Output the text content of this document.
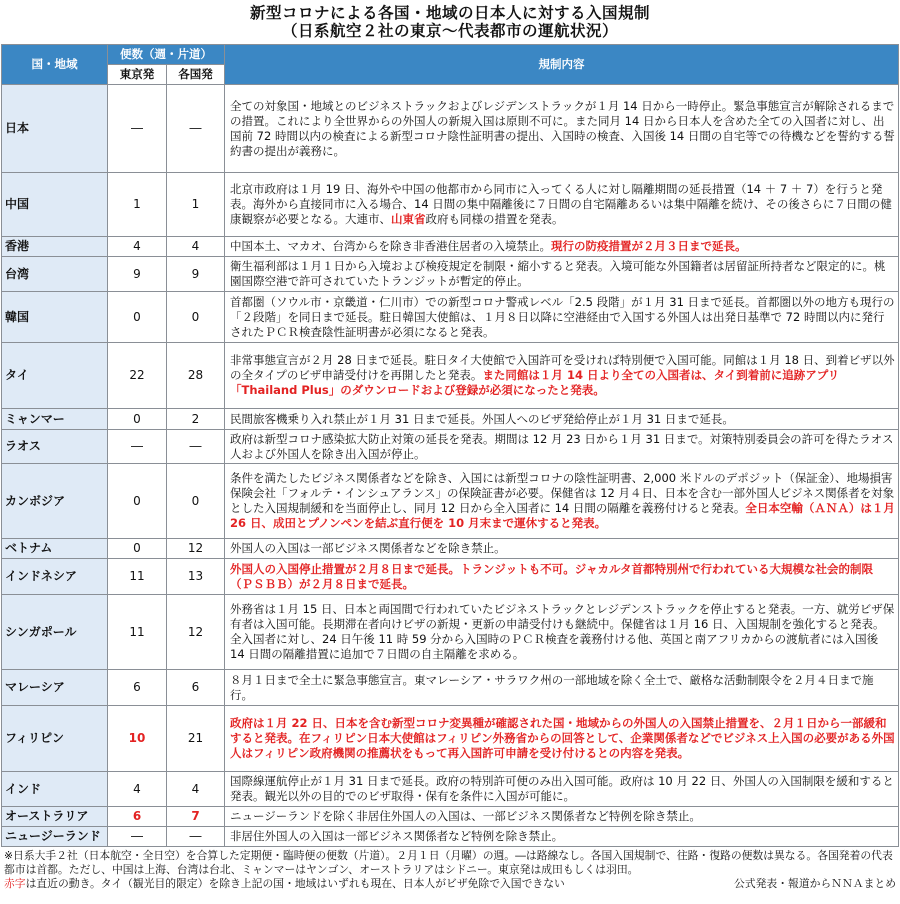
新型コロナによる各国・地域の日本人に対する入国規制
（日系航空２社の東京〜代表都市の運航状況）
国・地域	便数（週・片道）		規制内容
	東京発	各国発	
日本	―	―	全ての対象国・地域とのビジネストラックおよびレジデンストラックが１月 14 日から一時停止。緊急事態宣言が解除されるまでの措置。これにより全世界からの外国人の新規入国は原則不可に。また同月 14 日から日本人を含めた全ての入国者に対し、出国前 72 時間以内の検査による新型コロナ陰性証明書の提出、入国時の検査、入国後 14 日間の自宅等での待機などを誓約する誓約書の提出が義務に。
中国	1	1	北京市政府は１月 19 日、海外や中国の他都市から同市に入ってくる人に対し隔離期間の延長措置（14 ＋ 7 ＋ 7）を行うと発表。海外から直接同市に入る場合、14 日間の集中隔離後に７日間の自宅隔離あるいは集中隔離を続け、その後さらに７日間の健康観察が必要となる。大連市、山東省政府も同様の措置を発表。
香港	4	4	中国本土、マカオ、台湾からを除き非香港住居者の入境禁止。現行の防疫措置が２月３日まで延長。
台湾	9	9	衛生福利部は１月１日から入境および検疫規定を制限・縮小すると発表。入境可能な外国籍者は居留証所持者など限定的に。桃園国際空港で許可されていたトランジットが暫定的停止。
韓国	0	0	首都圏（ソウル市・京畿道・仁川市）での新型コロナ警戒レベル「2.5 段階」が１月 31 日まで延長。首都圏以外の地方も現行の「２段階」を同日まで延長。駐日韓国大使館は、１月８日以降に空港経由で入国する外国人は出発日基準で 72 時間以内に発行されたＰＣＲ検査陰性証明書が必須になると発表。
タイ	22	28	非常事態宣言が２月 28 日まで延長。駐日タイ大使館で入国許可を受ければ特別便で入国可能。同館は１月 18 日、到着ビザ以外の全タイプのビザ申請受付けを再開したと発表。また同館は１月 14 日より全ての入国者は、タイ到着前に追跡アプリ「Thailand Plus」のダウンロードおよび登録が必須になったと発表。
ミャンマー	0	2	民間旅客機乗り入れ禁止が１月 31 日まで延長。外国人へのビザ発給停止が１月 31 日まで延長。
ラオス	―	―	政府は新型コロナ感染拡大防止対策の延長を発表。期間は 12 月 23 日から１月 31 日まで。対策特別委員会の許可を得たラオス人および外国人を除き出入国が停止。
カンボジア	0	0	条件を満たしたビジネス関係者などを除き、入国には新型コロナの陰性証明書、2,000 米ドルのデポジット（保証金）、地場損害保険会社「フォルテ・インシュアランス」の保険証書が必要。保健省は 12 月４日、日本を含む一部外国人ビジネス関係者を対象とした入国規制緩和を当面停止し、同月 12 日から全入国者に 14 日間の隔離を義務付けると発表。全日本空輸（ＡＮＡ）は１月 26 日、成田とプノンペンを結ぶ直行便を 10 月末まで運休すると発表。
ベトナム	0	12	外国人の入国は一部ビジネス関係者などを除き禁止。
インドネシア	11	13	外国人の入国停止措置が２月８日まで延長。トランジットも不可。ジャカルタ首都特別州で行われている大規模な社会的制限（ＰＳＢＢ）が２月８日まで延長。
シンガポール	11	12	外務省は１月 15 日、日本と両国間で行われていたビジネストラックとレジデンストラックを停止すると発表。一方、就労ビザ保有者は入国可能。長期滞在者向けビザの新規・更新の申請受付けも継続中。保健省は１月 16 日、入国規制を強化すると発表。全入国者に対し、24 日午後 11 時 59 分から入国時のＰＣＲ検査を義務付ける他、英国と南アフリカからの渡航者には入国後 14 日間の隔離措置に追加で７日間の自主隔離を求める。
マレーシア	6	6	８月１日まで全土に緊急事態宣言。東マレーシア・サラワク州の一部地域を除く全土で、厳格な活動制限令を２月４日まで施行。
フィリピン	10	21	政府は１月 22 日、日本を含む新型コロナ変異種が確認された国・地域からの外国人の入国禁止措置を、２月１日から一部緩和すると発表。在フィリピン日本大使館はフィリピン外務省からの回答として、企業関係者などでビジネス上入国の必要がある外国人はフィリピン政府機関の推薦状をもって再入国許可申請を受け付けるとの内容を発表。
インド	4	4	国際線運航停止が１月 31 日まで延長。政府の特別許可便のみ出入国可能。政府は 10 月 22 日、外国人の入国制限を緩和すると発表。観光以外の目的でのビザ取得・保有を条件に入国が可能に。
オーストラリア	6	7	ニュージーランドを除く非居住外国人の入国は、一部ビジネス関係者など特例を除き禁止。
ニュージーランド	―	―	非居住外国人の入国は一部ビジネス関係者など特例を除き禁止。
※日系大手２社（日本航空・全日空）を合算した定期便・臨時便の便数（片道）。２月１日（月曜）の週。―は路線なし。各国入国規制で、往路・復路の便数は異なる。各国発着の代表都市は首都。ただし、中国は上海、台湾は台北、ミャンマーはヤンゴン、オーストラリアはシドニー。東京発は成田もしくは羽田。
赤字は直近の動き。タイ（観光目的限定）を除き上記の国・地域はいずれも現在、日本人がビザ免除で入国できない	公式発表・報道からＮＮＡまとめ
